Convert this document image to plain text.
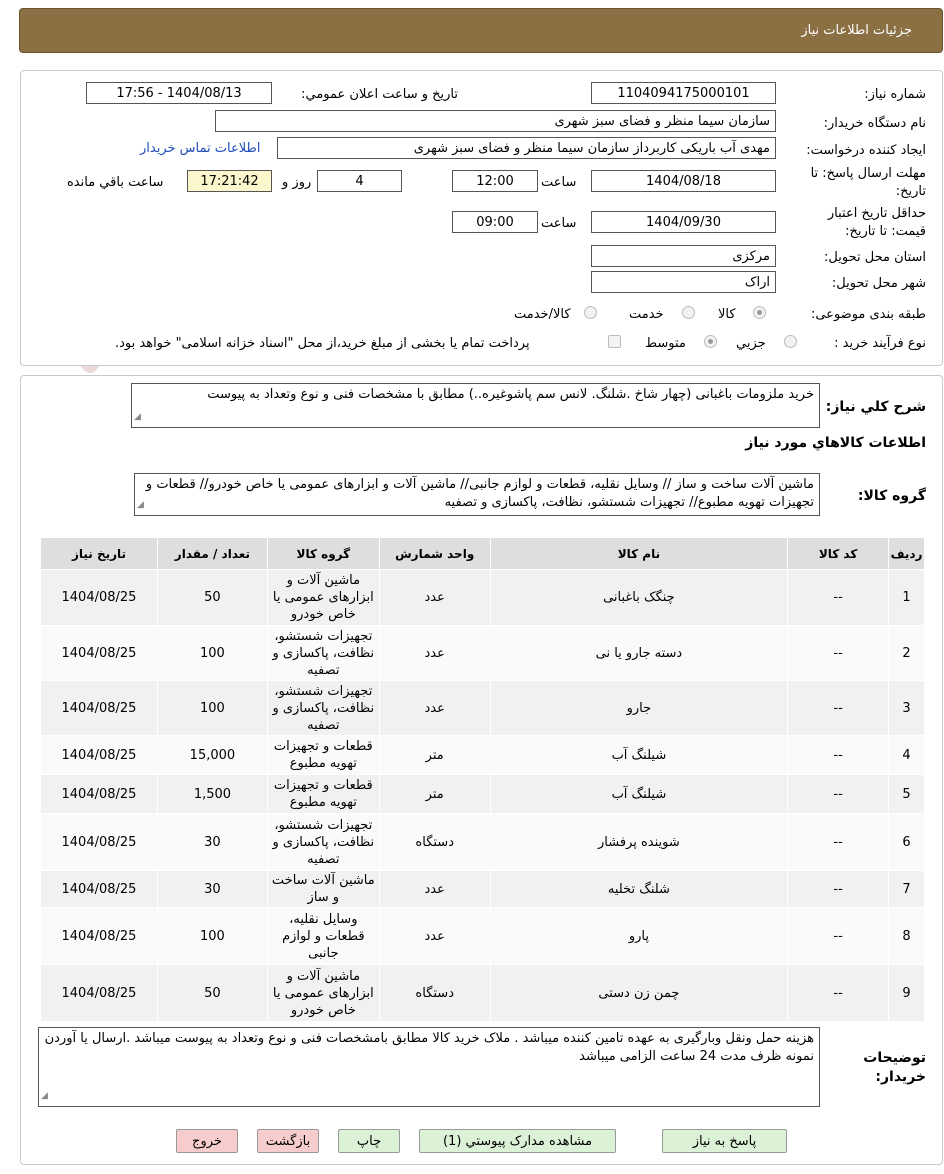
جزئیات اطلاعات نیاز
شماره نیاز:
1104094175000101
تاریخ و ساعت اعلان عمومي:
1404/08/13 - 17:56
نام دستگاه خريدار:
سازمان سیما منظر و فضای سبز شهری
ايجاد کننده درخواست:
مهدی آب باریکی کاربرداز سازمان سیما منظر و فضای سبز شهری
اطلاعات تماس خريدار
مهلت ارسال پاسخ: تا
تاريخ:
1404/08/18
ساعت
12:00
4
روز و
17:21:42
ساعت باقي مانده
حداقل تاريخ اعتبار
قيمت: تا تاريخ:
1404/09/30
ساعت
09:00
استان محل تحويل:
مرکزی
شهر محل تحويل:
اراک
طبقه بندی موضوعی:
کالا
خدمت
کالا/خدمت
نوع فرآيند خريد :
جزيي
متوسط
پرداخت تمام يا بخشی از مبلغ خريد،از محل "اسناد خزانه اسلامی" خواهد بود.
شرح کلي نياز:
خرید ملزومات باغبانی (چهار شاخ .شلنگ. لانس سم پاشوغیره..) مطابق با مشخصات فنی و نوع وتعداد به پیوست
◢
اطلاعات کالاهاي مورد نياز
گروه کالا:
ماشین آلات ساخت و ساز // وسایل نقلیه، قطعات و لوازم جانبی// ماشین آلات و ابزارهای عمومی یا خاص خودرو// قطعات و تجهیزات تهویه مطبوع// تجهیزات شستشو، نظافت، پاکسازی و تصفیه
◢
رديف	کد کالا	نام کالا	واحد شمارش	گروه کالا	تعداد / مقدار	تاريخ نياز
1	--	چنگک باغبانی	عدد	ماشین آلات و ابزارهای عمومی یا خاص خودرو	50	1404/08/25
2	--	دسته جارو یا نی	عدد	تجهیزات شستشو، نظافت، پاکسازی و تصفیه	100	1404/08/25
3	--	جارو	عدد	تجهیزات شستشو، نظافت، پاکسازی و تصفیه	100	1404/08/25
4	--	شیلنگ آب	متر	قطعات و تجهیزات تهویه مطبوع	15,000	1404/08/25
5	--	شیلنگ آب	متر	قطعات و تجهیزات تهویه مطبوع	1,500	1404/08/25
6	--	شوینده پرفشار	دستگاه	تجهیزات شستشو، نظافت، پاکسازی و تصفیه	30	1404/08/25
7	--	شلنگ تخلیه	عدد	ماشین آلات ساخت و ساز	30	1404/08/25
8	--	پارو	عدد	وسایل نقلیه، قطعات و لوازم جانبی	100	1404/08/25
9	--	چمن زن دستی	دستگاه	ماشین آلات و ابزارهای عمومی یا خاص خودرو	50	1404/08/25
توضيحات
خريدار:
هزینه حمل ونقل وبارگیری به عهده تامین کننده میباشد . ملاک خرید کالا مطابق بامشخصات فنی و نوع وتعداد به پیوست میباشد .ارسال یا آوردن نمونه ظرف مدت 24 ساعت الزامی میباشد
◢
پاسخ به نياز
مشاهده مدارک پيوستي (1)
چاپ
بازگشت
خروج
